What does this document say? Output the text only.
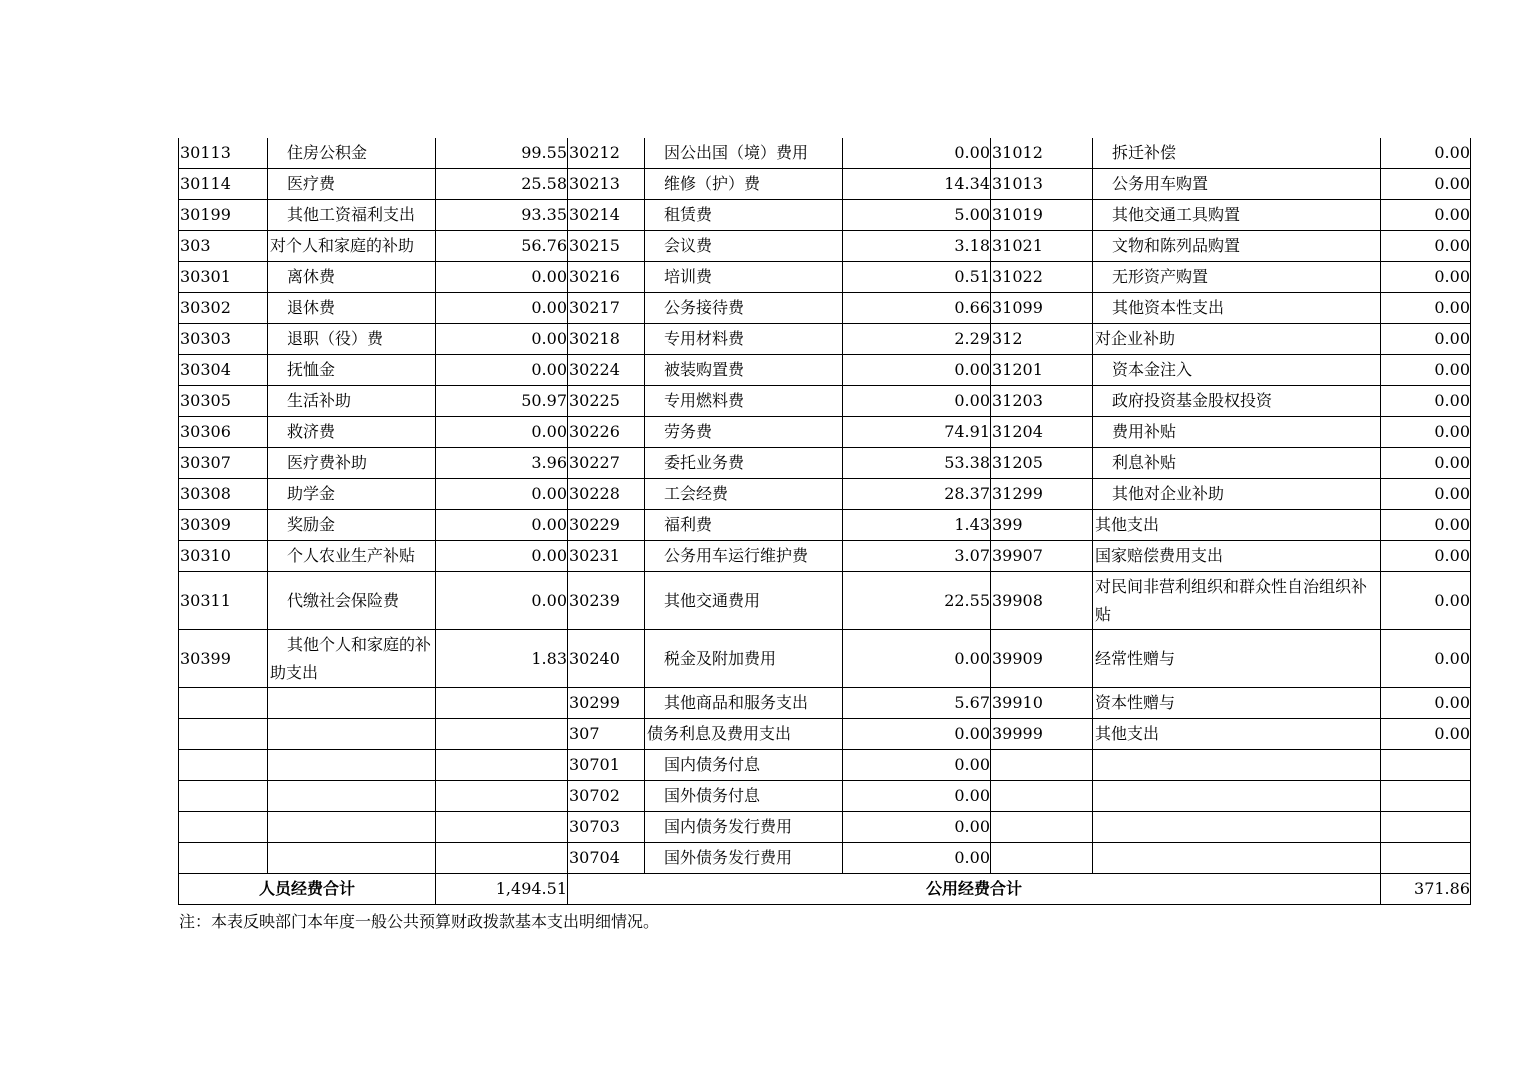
30113	住房公积金	99.55	30212	因公出国（境）费用	0.00	31012	拆迁补偿	0.00
30114	医疗费	25.58	30213	维修（护）费	14.34	31013	公务用车购置	0.00
30199	其他工资福利支出	93.35	30214	租赁费	5.00	31019	其他交通工具购置	0.00
303	对个人和家庭的补助	56.76	30215	会议费	3.18	31021	文物和陈列品购置	0.00
30301	离休费	0.00	30216	培训费	0.51	31022	无形资产购置	0.00
30302	退休费	0.00	30217	公务接待费	0.66	31099	其他资本性支出	0.00
30303	退职（役）费	0.00	30218	专用材料费	2.29	312	对企业补助	0.00
30304	抚恤金	0.00	30224	被装购置费	0.00	31201	资本金注入	0.00
30305	生活补助	50.97	30225	专用燃料费	0.00	31203	政府投资基金股权投资	0.00
30306	救济费	0.00	30226	劳务费	74.91	31204	费用补贴	0.00
30307	医疗费补助	3.96	30227	委托业务费	53.38	31205	利息补贴	0.00
30308	助学金	0.00	30228	工会经费	28.37	31299	其他对企业补助	0.00
30309	奖励金	0.00	30229	福利费	1.43	399	其他支出	0.00
30310	个人农业生产补贴	0.00	30231	公务用车运行维护费	3.07	39907	国家赔偿费用支出	0.00
30311	代缴社会保险费	0.00	30239	其他交通费用	22.55	39908	对民间非营利组织和群众性自治组织补贴	0.00
30399	其他个人和家庭的补助支出	1.83	30240	税金及附加费用	0.00	39909	经常性赠与	0.00
			30299	其他商品和服务支出	5.67	39910	资本性赠与	0.00
			307	债务利息及费用支出	0.00	39999	其他支出	0.00
			30701	国内债务付息	0.00			
			30702	国外债务付息	0.00			
			30703	国内债务发行费用	0.00			
			30704	国外债务发行费用	0.00			
人员经费合计		1,494.51	公用经费合计					371.86
注：本表反映部门本年度一般公共预算财政拨款基本支出明细情况。
